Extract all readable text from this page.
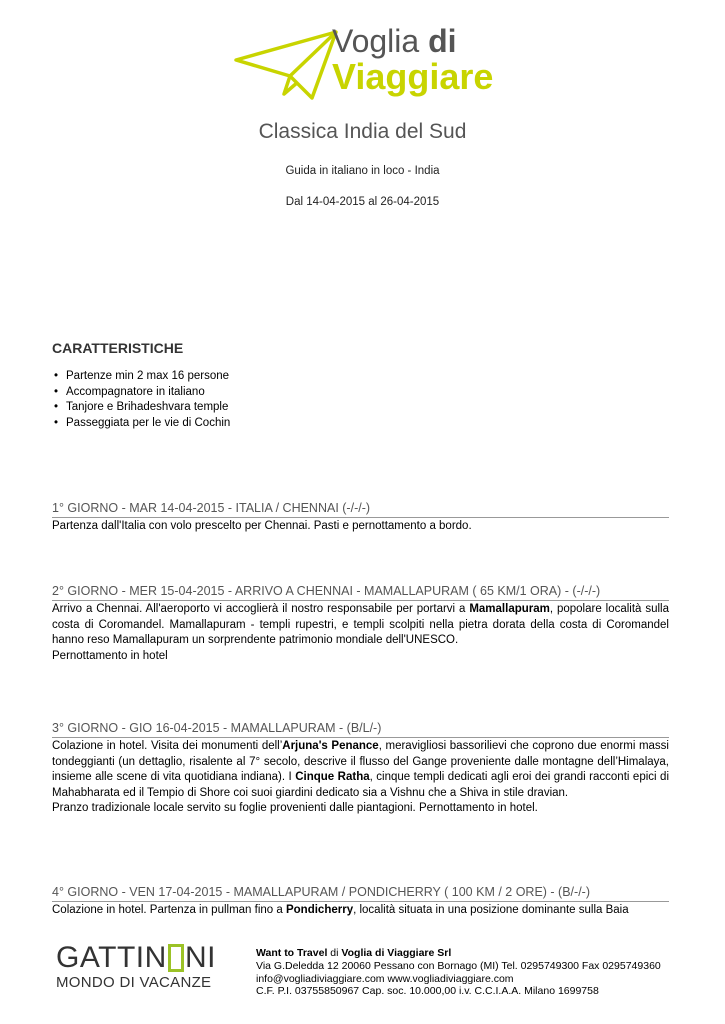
Voglia di
Viaggiare
Classica India del Sud
Guida in italiano in loco - India
Dal 14-04-2015 al 26-04-2015
CARATTERISTICHE
• Partenze min 2 max 16 persone
• Accompagnatore in italiano
• Tanjore e Brihadeshvara temple
• Passeggiata per le vie di Cochin
1° GIORNO - MAR 14-04-2015 - ITALIA / CHENNAI (-/-/-)

Partenza dall'Italia con volo prescelto per Chennai. Pasti e pernottamento a bordo.

2° GIORNO - MER 15-04-2015 - ARRIVO A CHENNAI - MAMALLAPURAM ( 65 KM/1 ORA) - (-/-/-)

Arrivo a Chennai. All'aeroporto vi accoglierà il nostro responsabile per portarvi a Mamallapuram, popolare località sulla costa di Coromandel. Mamallapuram - templi rupestri, e templi scolpiti nella pietra dorata della costa di Coromandel hanno reso Mamallapuram un sorprendente patrimonio mondiale dell'UNESCO.

Pernottamento in hotel

3° GIORNO - GIO 16-04-2015 - MAMALLAPURAM - (B/L/-)

Colazione in hotel. Visita dei monumenti dell’Arjuna's Penance, meravigliosi bassorilievi che coprono due enormi massi tondeggianti (un dettaglio, risalente al 7° secolo, descrive il flusso del Gange proveniente dalle montagne dell’Himalaya, insieme alle scene di vita quotidiana indiana). I Cinque Ratha, cinque templi dedicati agli eroi dei grandi racconti epici di Mahabharata ed il Tempio di Shore coi suoi giardini dedicato sia a Vishnu che a Shiva in stile dravian.

Pranzo tradizionale locale servito su foglie provenienti dalle piantagioni. Pernottamento in hotel.

4° GIORNO - VEN 17-04-2015 - MAMALLAPURAM / PONDICHERRY ( 100 KM / 2 ORE) - (B/-/-)

Colazione in hotel. Partenza in pullman fino a Pondicherry, località situata in una posizione dominante sulla Baia

GATTIN NI
MONDO DI VACANZE
Want to Travel di Voglia di Viaggiare Srl
Via G.Deledda 12 20060 Pessano con Bornago (MI) Tel. 0295749300 Fax 0295749360
info@vogliadiviaggiare.com www.vogliadiviaggiare.com
C.F. P.I. 03755850967 Cap. soc. 10.000,00 i.v. C.C.I.A.A. Milano 1699758
